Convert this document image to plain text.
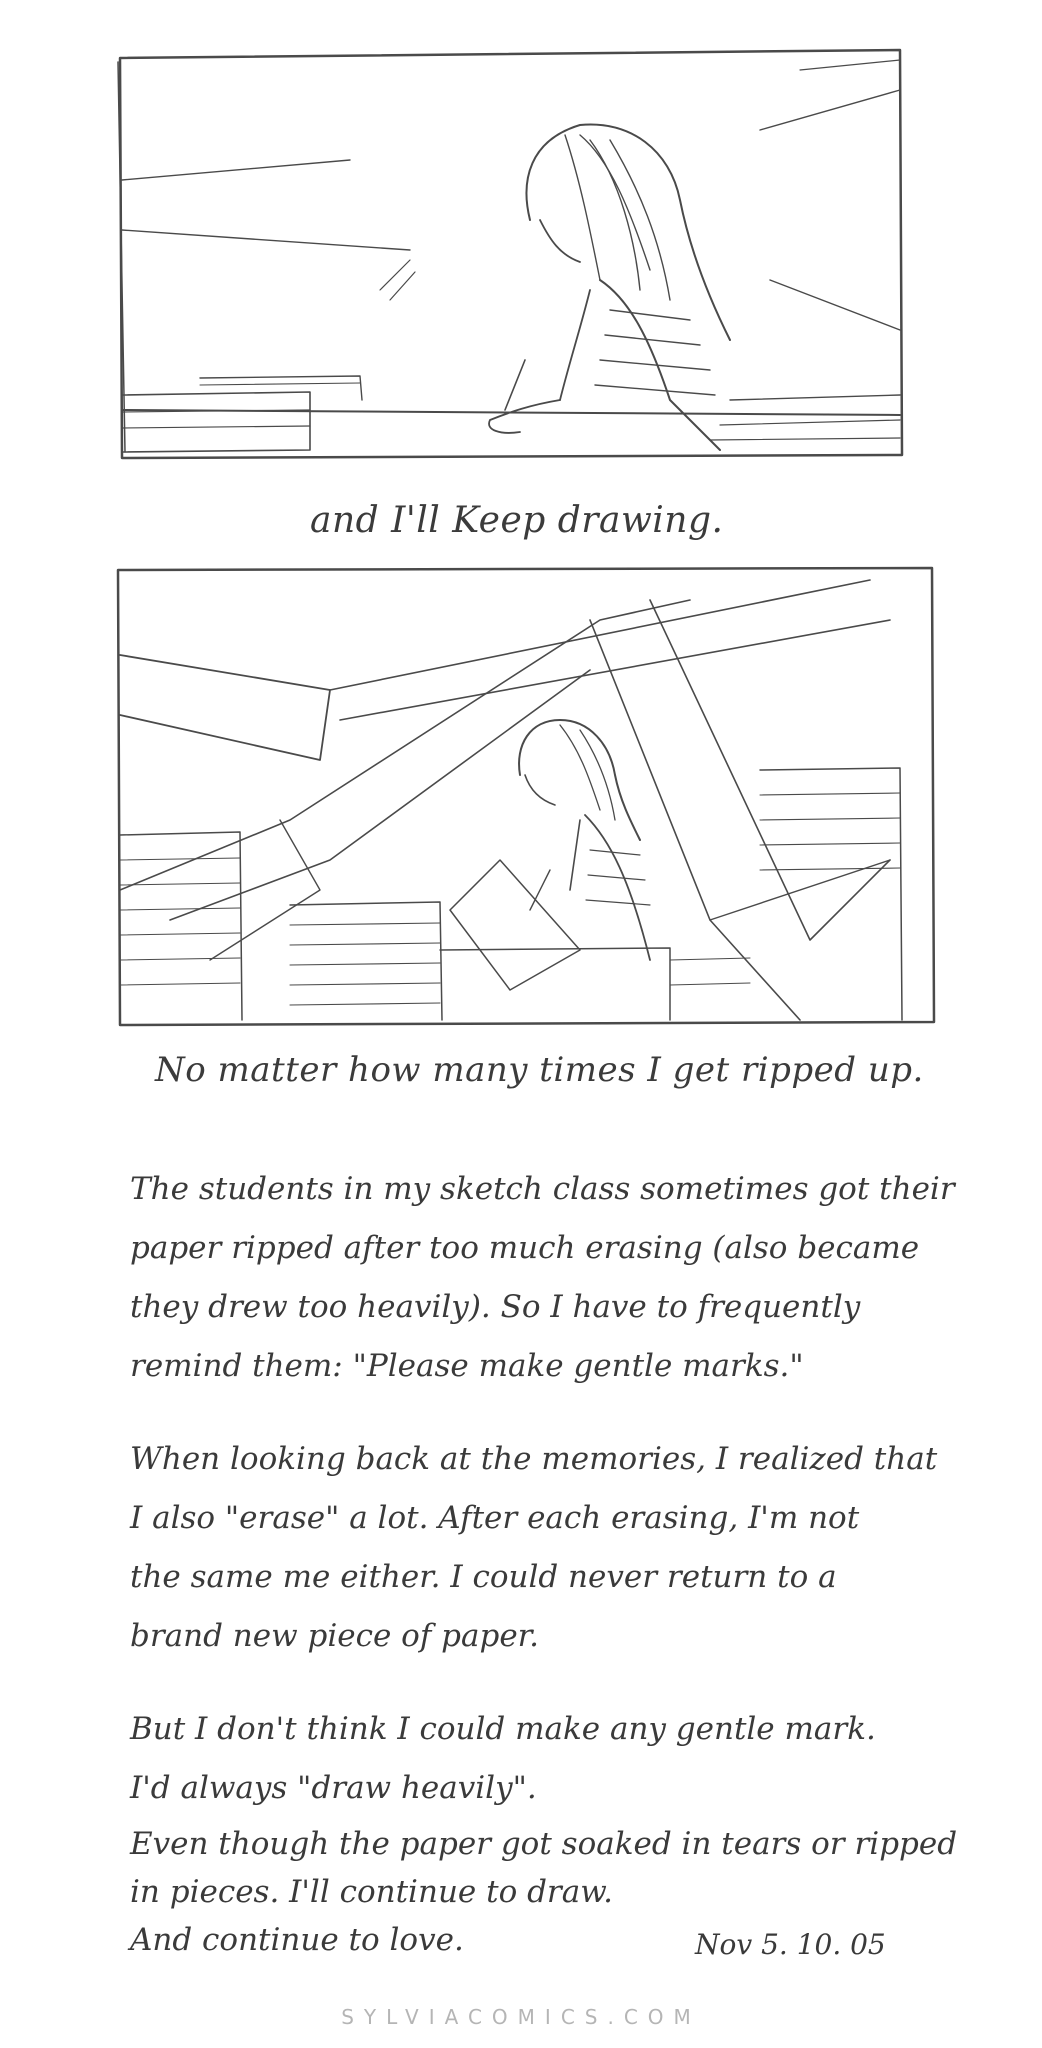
and I'll Keep drawing.
No matter how many times I get ripped up.
The students in my sketch class sometimes got their
paper ripped after too much erasing (also became
they drew too heavily). So I have to frequently
remind them: "Please make gentle marks."
When looking back at the memories, I realized that
I also "erase" a lot. After each erasing, I'm not
the same me either. I could never return to a
brand new piece of paper.
But I don't think I could make any gentle mark.
I'd always "draw heavily".
Even though the paper got soaked in tears or ripped
in pieces. I'll continue to draw.
And continue to love.	Nov 5. 10. 05
SYLVIACOMICS.COM
